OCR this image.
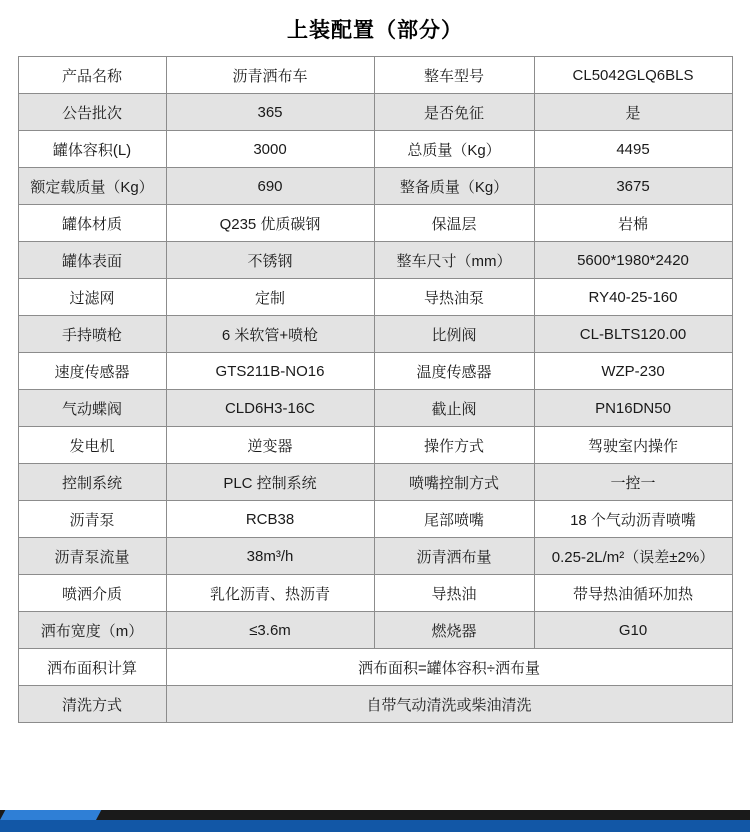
上装配置（部分）
产品名称	沥青洒布车	整车型号	CL5042GLQ6BLS
公告批次	365	是否免征	是
罐体容积(L)	3000	总质量（Kg）	4495
额定载质量（Kg）	690	整备质量（Kg）	3675
罐体材质	Q235 优质碳钢	保温层	岩棉
罐体表面	不锈钢	整车尺寸（mm）	5600*1980*2420
过滤网	定制	导热油泵	RY40-25-160
手持喷枪	6 米软管+喷枪	比例阀	CL-BLTS120.00
速度传感器	GTS211B-NO16	温度传感器	WZP-230
气动蝶阀	CLD6H3-16C	截止阀	PN16DN50
发电机	逆变器	操作方式	驾驶室内操作
控制系统	PLC 控制系统	喷嘴控制方式	一控一
沥青泵	RCB38	尾部喷嘴	18 个气动沥青喷嘴
沥青泵流量	38m³/h	沥青洒布量	0.25-2L/m²（误差±2%）
喷洒介质	乳化沥青、热沥青	导热油	带导热油循环加热
洒布宽度（m）	≤3.6m	燃烧器	G10
洒布面积计算	洒布面积=罐体容积÷洒布量		
清洗方式	自带气动清洗或柴油清洗		
